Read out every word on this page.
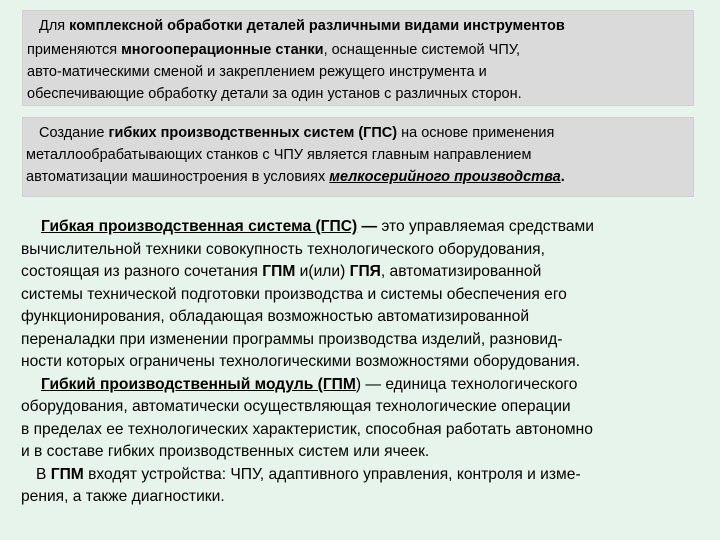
Для комплексной обработки деталей различными видами инструментов

применяются многооперационные станки, оснащенные системой ЧПУ,

авто-матическими сменой и закреплением режущего инструмента и

обеспечивающие обработку детали за один установ с различных сторон.

Создание гибких производственных систем (ГПС) на основе применения

металлообрабатывающих станков с ЧПУ является главным направлением

автоматизации машиностроения в условиях мелкосерийного производства.

Гибкая производственная система (ГПС) — это управляемая средствами

вычислительной техники совокупность технологического оборудования,

состоящая из разного сочетания ГПМ и(или) ГПЯ, автоматизированной

системы технической подготовки производства и системы обеспечения его

функционирования, обладающая возможностью автоматизированной

переналадки при изменении программы производства изделий, разновид-

ности которых ограничены технологическими возможностями оборудования.

Гибкий производственный модуль (ГПМ) — единица технологического

оборудования, автоматически осуществляющая технологические операции

в пределах ее технологических характеристик, способная работать автономно

и в составе гибких производственных систем или ячеек.

В ГПМ входят устройства: ЧПУ, адаптивного управления, контроля и изме-

рения, а также диагностики.
